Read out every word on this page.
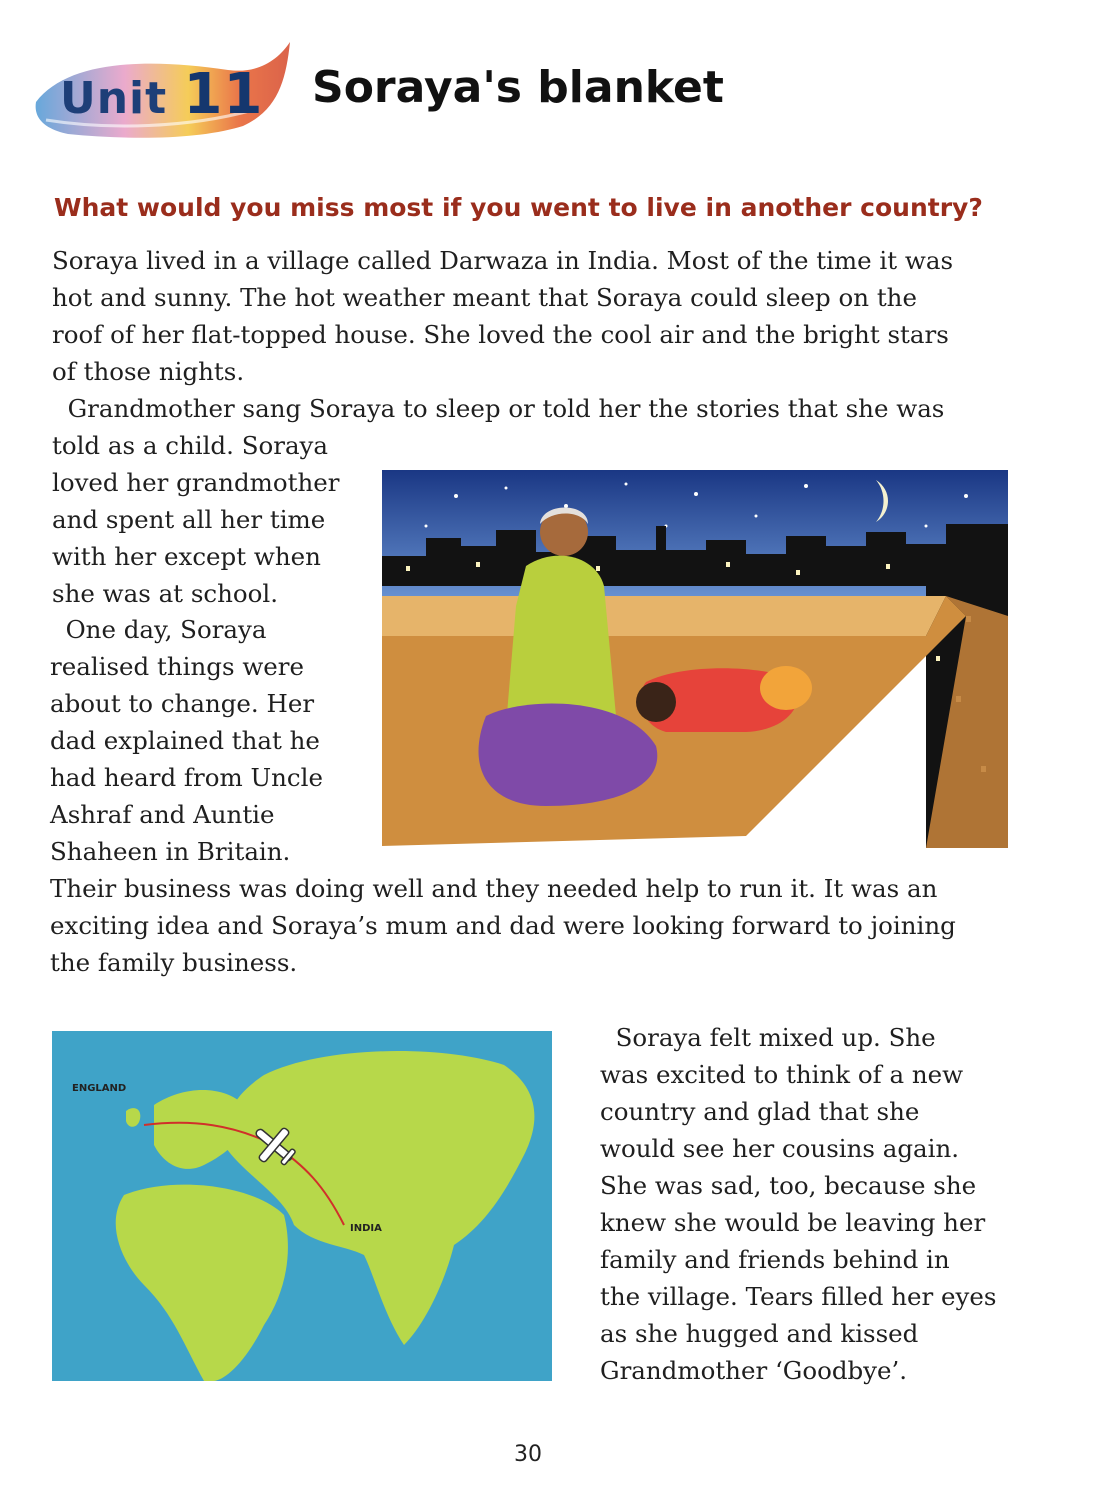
Unit 11 Soraya's blanket
What would you miss most if you went to live in another country?
Soraya lived in a village called Darwaza in India. Most of the time it was
hot and sunny. The hot weather meant that Soraya could sleep on the
roof of her flat-topped house. She loved the cool air and the bright stars
of those nights.
Grandmother sang Soraya to sleep or told her the stories that she was
told as a child. Soraya
loved her grandmother
and spent all her time
with her except when
she was at school.
One day, Soraya
realised things were
about to change. Her
dad explained that he
had heard from Uncle
Ashraf and Auntie
Shaheen in Britain.
Their business was doing well and they needed help to run it. It was an
exciting idea and Soraya’s mum and dad were looking forward to joining
the family business.
ENGLAND
INDIA
Soraya felt mixed up. She
was excited to think of a new
country and glad that she
would see her cousins again.
She was sad, too, because she
knew she would be leaving her
family and friends behind in
the village. Tears filled her eyes
as she hugged and kissed
Grandmother ‘Goodbye’.
30
